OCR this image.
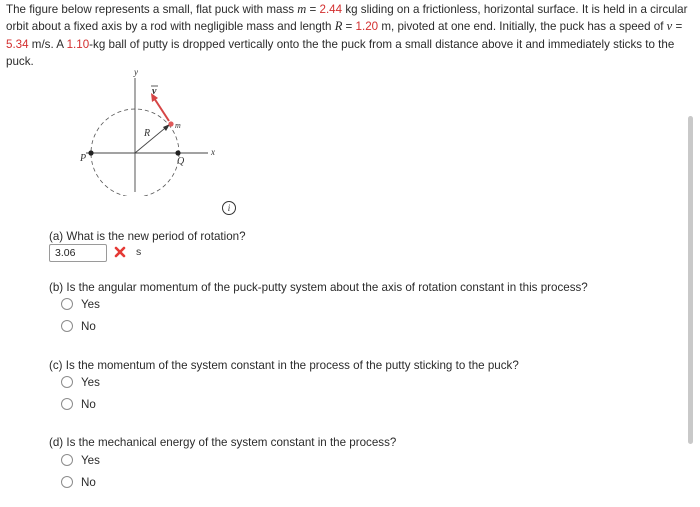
The figure below represents a small, flat puck with mass m = 2.44 kg sliding on a frictionless, horizontal surface. It is held in a circular orbit about a fixed axis by a rod with negligible mass and length R = 1.20 m, pivoted at one end. Initially, the puck has a speed of v = 5.34 m/s. A 1.10-kg ball of putty is dropped vertically onto the the puck from a small distance above it and immediately sticks to the puck.
y
x
R
m
v
P	Q
i
(a) What is the new period of rotation?
3.06	s
(b) Is the angular momentum of the puck-putty system about the axis of rotation constant in this process?
Yes
No
(c) Is the momentum of the system constant in the process of the putty sticking to the puck?
Yes
No
(d) Is the mechanical energy of the system constant in the process?
Yes
No
